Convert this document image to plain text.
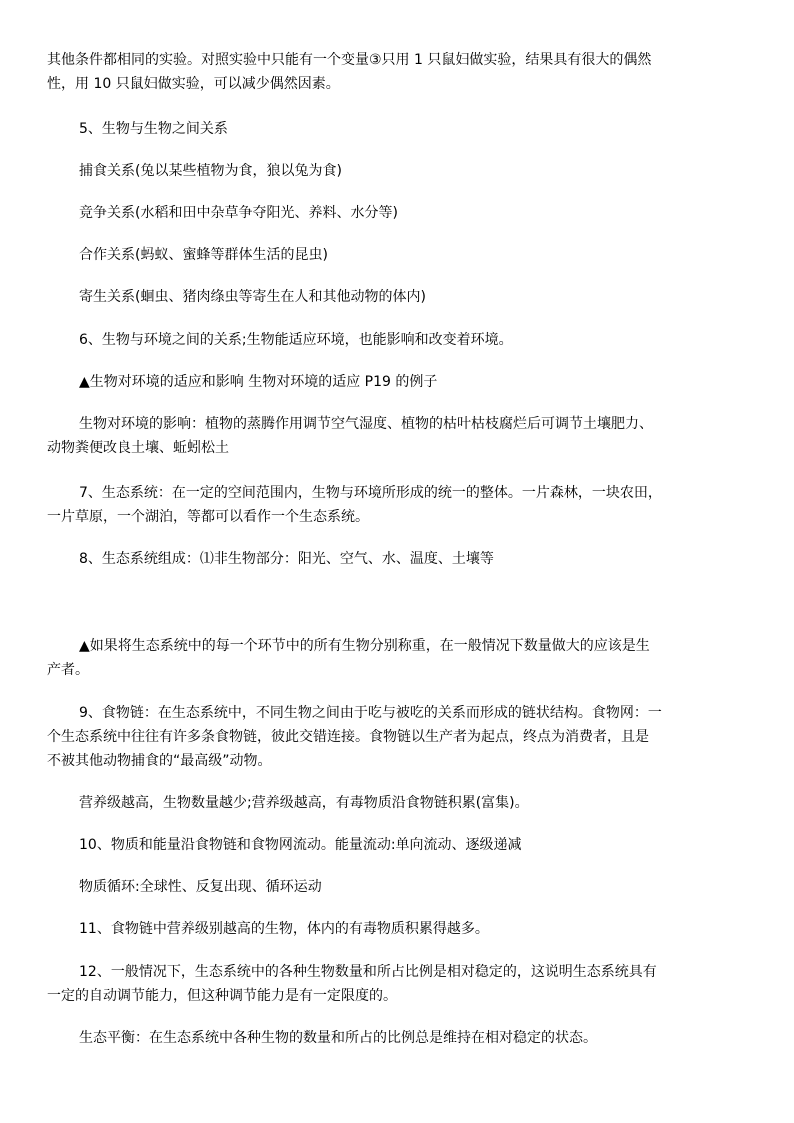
其他条件都相同的实验。对照实验中只能有一个变量③只用 1 只鼠妇做实验，结果具有很大的偶然

性，用 10 只鼠妇做实验，可以减少偶然因素。

5、生物与生物之间关系

捕食关系(兔以某些植物为食，狼以兔为食)

竞争关系(水稻和田中杂草争夺阳光、养料、水分等)

合作关系(蚂蚁、蜜蜂等群体生活的昆虫)

寄生关系(蛔虫、猪肉绦虫等寄生在人和其他动物的体内)

6、生物与环境之间的关系;生物能适应环境，也能影响和改变着环境。

▲生物对环境的适应和影响 生物对环境的适应 P19 的例子

生物对环境的影响：植物的蒸腾作用调节空气湿度、植物的枯叶枯枝腐烂后可调节土壤肥力、

动物粪便改良土壤、蚯蚓松土

7、生态系统：在一定的空间范围内，生物与环境所形成的统一的整体。一片森林，一块农田，

一片草原，一个湖泊，等都可以看作一个生态系统。

8、生态系统组成：⑴非生物部分：阳光、空气、水、温度、土壤等

▲如果将生态系统中的每一个环节中的所有生物分别称重，在一般情况下数量做大的应该是生

产者。

9、食物链：在生态系统中，不同生物之间由于吃与被吃的关系而形成的链状结构。食物网：一

个生态系统中往往有许多条食物链，彼此交错连接。食物链以生产者为起点，终点为消费者，且是

不被其他动物捕食的“最高级”动物。

营养级越高，生物数量越少;营养级越高，有毒物质沿食物链积累(富集)。

10、物质和能量沿食物链和食物网流动。能量流动:单向流动、逐级递减

物质循环:全球性、反复出现、循环运动

11、食物链中营养级别越高的生物，体内的有毒物质积累得越多。

12、一般情况下，生态系统中的各种生物数量和所占比例是相对稳定的，这说明生态系统具有

一定的自动调节能力，但这种调节能力是有一定限度的。

生态平衡：在生态系统中各种生物的数量和所占的比例总是维持在相对稳定的状态。
